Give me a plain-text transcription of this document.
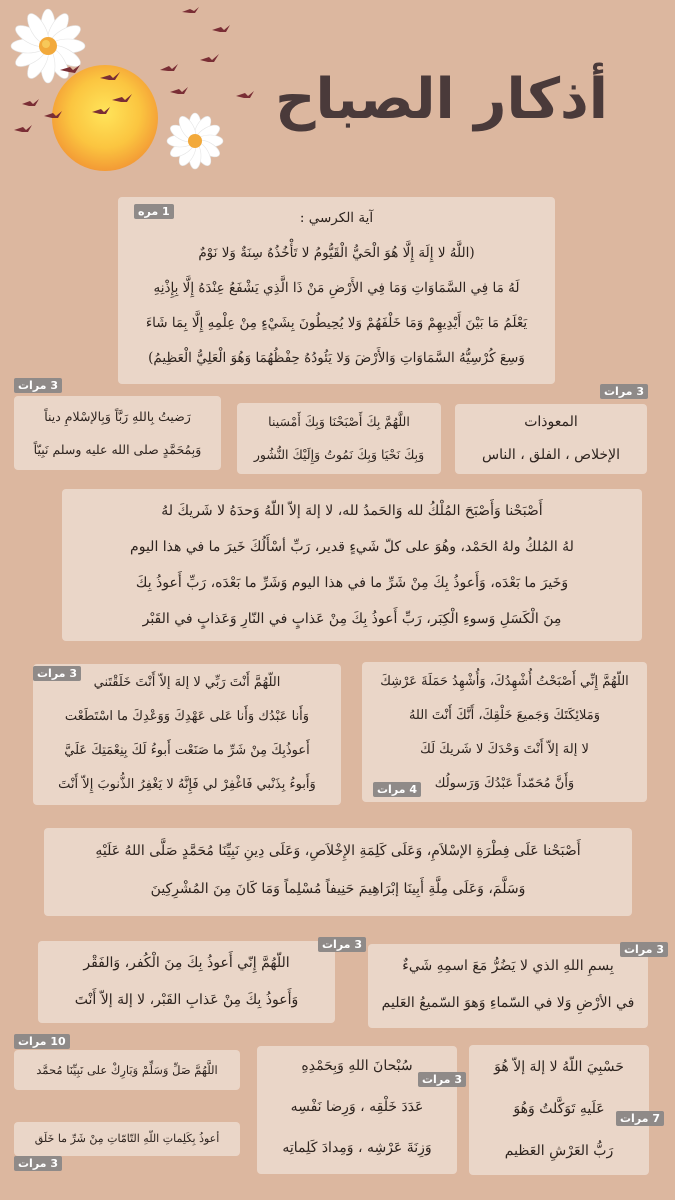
أذكار الصباح

آية الكرسي :

(اللَّهُ لا إِلَهَ إِلَّا هُوَ الْحَيُّ الْقَيُّومُ لا تَأْخُذُهُ سِنَةٌ وَلا نَوْمٌ

لَهُ مَا فِي السَّمَاوَاتِ وَمَا فِي الأَرْضِ مَنْ ذَا الَّذِي يَشْفَعُ عِنْدَهُ إِلَّا بِإِذْنِهِ

يَعْلَمُ مَا بَيْنَ أَيْدِيهِمْ وَمَا خَلْفَهُمْ وَلا يُحِيطُونَ بِشَيْءٍ مِنْ عِلْمِهِ إِلَّا بِمَا شَاءَ

وَسِعَ كُرْسِيُّهُ السَّمَاوَاتِ وَالأَرْضَ وَلا يَئُودُهُ حِفْظُهُمَا وَهُوَ الْعَلِيُّ الْعَظِيمُ)

1 مره

رَضيتُ بِاللهِ رَبَّاً وَبِالإسْلامِ ديناً

وَبِمُحَمَّدٍ صلى الله عليه وسلم نَبِيّاً

3 مرات

اللَّهُمَّ بِكَ أَصْبَحْنَا وَبِكَ أَمْسَينا

وَبِكَ نَحْيَا وَبِكَ نَمُوتُ وَإِلَيْكَ النُّشُور

المعوذات

الإخلاص ، الفلق ، الناس

3 مرات

أَصْبَحْنا وَأَصْبَحَ المُلْكُ لله وَالحَمدُ لله، لا إلهَ إلاّ اللّهُ وَحدَهُ لا شَريكَ لهُ

لهُ المُلكُ ولهُ الحَمْد، وهُوَ على كلّ شَيءٍ قدير، رَبِّ أسْأَلُكَ خَيرَ ما في هذا اليوم

وَخَيرَ ما بَعْدَه، وَأَعوذُ بِكَ مِنْ شَرِّ ما في هذا اليوم وَشَرِّ ما بَعْدَه، رَبِّ أَعوذُ بِكَ

مِنَ الْكَسَلِ وَسوءِ الْكِبَر، رَبِّ أَعوذُ بِكَ مِنْ عَذابٍ في النّارِ وَعَذابٍ في القَبْر

اللّهُمَّ أَنْتَ رَبِّي لا إلهَ إلاّ أَنْتَ خَلَقْتَني

وَأَنا عَبْدُك وَأَنا عَلى عَهْدِكَ وَوَعْدِكَ ما اسْتَطَعْت

أَعوذُبِكَ مِنْ شَرِّ ما صَنَعْت أَبوءُ لَكَ بِنِعْمَتِكَ عَلَيَّ

وَأَبوءُ بِذَنْبي فَاغْفِرْ لي فَإِنَّهُ لا يَغْفِرُ الذُّنوبَ إِلاّ أَنْتَ

3 مرات

اللّهُمَّ إِنِّي أَصْبَحْتُ أُشْهِدُكَ، وَأُشْهِدُ حَمَلَةَ عَرْشِكَ

وَمَلائِكَتَكَ وَجَميعَ خَلْقِكَ، أَنَّكَ أَنْتَ اللهُ

لا إلهَ إلاّ أَنْتَ وَحْدَكَ لا شَريكَ لَكَ

وَأَنَّ مُحَمّداً عَبْدُكَ وَرَسولُك

4 مرات

أَصْبَحْنا عَلَى فِطْرَةِ الإسْلاَمِ، وَعَلَى كَلِمَةِ الإِخْلاَصِ، وَعَلَى دِينِ نَبِيِّنَا مُحَمَّدٍ صَلَّى اللهُ عَلَيْهِ

وَسَلَّمَ، وَعَلَى مِلَّةِ أَبِينَا إبْرَاهِيمَ حَنِيفاً مُسْلِماً وَمَا كَانَ مِنَ المُشْرِكِينَ

اللّهُمَّ إِنّي أَعوذُ بِكَ مِنَ الْكُفر، وَالفَقْر

وَأَعوذُ بِكَ مِنْ عَذابِ القَبْر، لا إلهَ إلاّ أَنْتَ

3 مرات

بِسمِ اللهِ الذي لا يَضُرُّ مَعَ اسمِهِ شَيءٌ

في الأرْضِ وَلا في السّماءِ وَهوَ السّميعُ العَليم

3 مرات

اللَّهُمَّ صَلِّ وَسَلِّمْ وَبَارِكْ على نَبِيِّنَا مُحمَّد

10 مرات

أعوذُ بِكَلِماتِ اللّهِ التّامّاتِ مِنْ شَرِّ ما خَلَق

3 مرات

سُبْحانَ اللهِ وَبِحَمْدِهِ

عَدَدَ خَلْقِه ، وَرِضا نَفْسِه

وَزِنَةَ عَرْشِه ، وَمِدادَ كَلِماتِه

3 مرات

حَسْبِيَ اللّهُ لا إلهَ إلاّ هُوَ

عَلَيهِ تَوَكَّلتُ وَهُوَ

رَبُّ العَرْشِ العَظيم

7 مرات
